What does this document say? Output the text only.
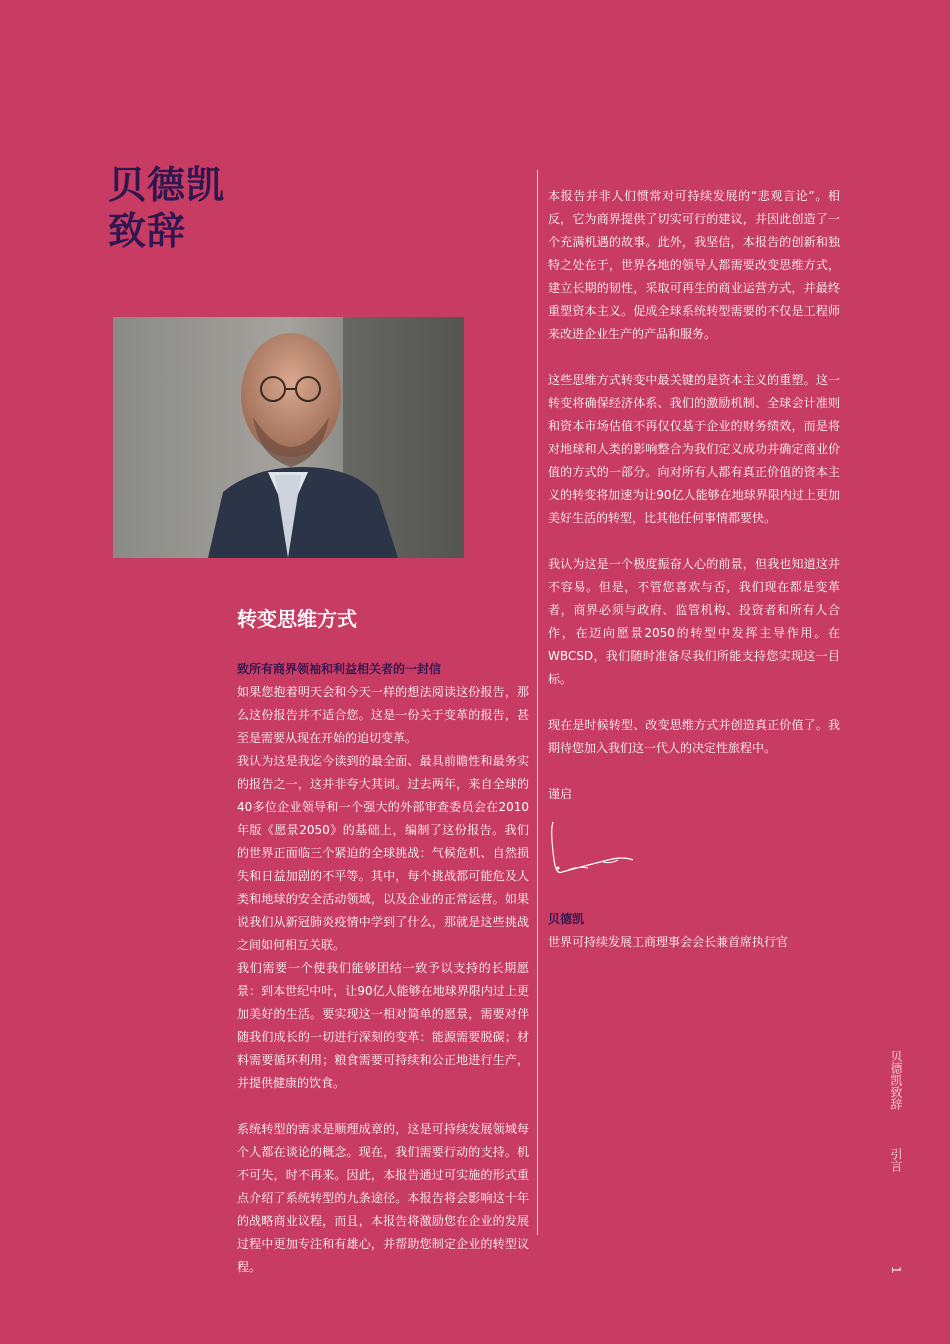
贝德凯
致辞
转变思维方式
致所有商界领袖和利益相关者的一封信

如果您抱着明天会和今天一样的想法阅读这份报告，那么这份报告并不适合您。这是一份关于变革的报告，甚至是需要从现在开始的迫切变革。

我认为这是我迄今读到的最全面、最具前瞻性和最务实的报告之一，这并非夸大其词。过去两年，来自全球的40多位企业领导和一个强大的外部审查委员会在2010年版《愿景2050》的基础上，编制了这份报告。我们的世界正面临三个紧迫的全球挑战：气候危机、自然损失和日益加剧的不平等。其中，每个挑战都可能危及人类和地球的安全活动领域，以及企业的正常运营。如果说我们从新冠肺炎疫情中学到了什么，那就是这些挑战之间如何相互关联。

我们需要一个使我们能够团结一致予以支持的长期愿景：到本世纪中叶，让90亿人能够在地球界限内过上更加美好的生活。要实现这一相对简单的愿景，需要对伴随我们成长的一切进行深刻的变革：能源需要脱碳；材料需要循环利用；粮食需要可持续和公正地进行生产，并提供健康的饮食。

系统转型的需求是顺理成章的，这是可持续发展领域每个人都在谈论的概念。现在，我们需要行动的支持。机不可失，时不再来。因此，本报告通过可实施的形式重点介绍了系统转型的九条途径。本报告将会影响这十年的战略商业议程，而且，本报告将激励您在企业的发展过程中更加专注和有雄心，并帮助您制定企业的转型议程。

本报告并非人们惯常对可持续发展的“悲观言论”。相反，它为商界提供了切实可行的建议，并因此创造了一个充满机遇的故事。此外，我坚信，本报告的创新和独特之处在于，世界各地的领导人都需要改变思维方式，建立长期的韧性，采取可再生的商业运营方式，并最终重塑资本主义。促成全球系统转型需要的不仅是工程师来改进企业生产的产品和服务。

这些思维方式转变中最关键的是资本主义的重塑。这一转变将确保经济体系、我们的激励机制、全球会计准则和资本市场估值不再仅仅基于企业的财务绩效，而是将对地球和人类的影响整合为我们定义成功并确定商业价值的方式的一部分。向对所有人都有真正价值的资本主义的转变将加速为让90亿人能够在地球界限内过上更加美好生活的转型，比其他任何事情都要快。

我认为这是一个极度振奋人心的前景，但我也知道这并不容易。但是，不管您喜欢与否，我们现在都是变革者，商界必须与政府、监管机构、投资者和所有人合作，在迈向愿景2050的转型中发挥主导作用。在WBCSD，我们随时准备尽我们所能支持您实现这一目标。

现在是时候转型、改变思维方式并创造真正价值了。我期待您加入我们这一代人的决定性旅程中。

谨启

贝德凯
世界可持续发展工商理事会会长兼首席执行官
贝德凯致辞
引言
1
